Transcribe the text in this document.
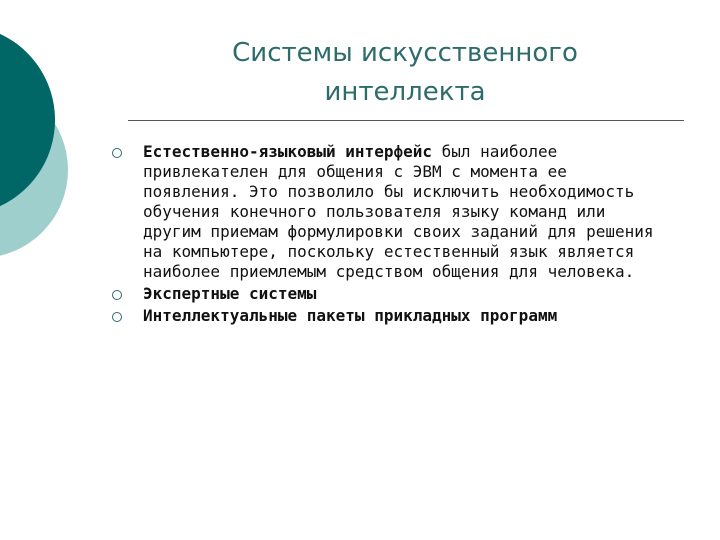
Системы искусственного
интеллекта
Естественно-языковый интерфейс был наиболее привлекателен для общения с ЭВМ с момента ее появления. Это позволило бы исключить необходимость обучения конечного пользователя языку команд или другим приемам формулировки своих заданий для решения на компьютере, поскольку естественный язык является наиболее приемлемым средством общения для человека.
Экспертные системы
Интеллектуальные пакеты прикладных программ
